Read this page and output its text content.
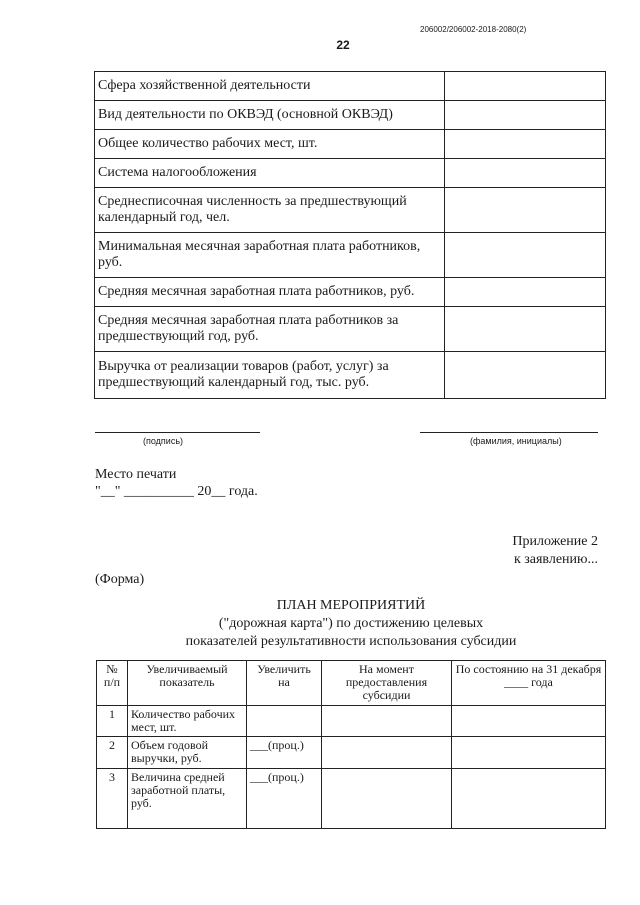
206002/206002-2018-2080(2)
22
Сфера хозяйственной деятельности	
Вид деятельности по ОКВЭД (основной ОКВЭД)	
Общее количество рабочих мест, шт.	
Система налогообложения	
Среднесписочная численность за предшествующий календарный год, чел.	
Минимальная месячная заработная плата работников, руб.	
Средняя месячная заработная плата работников, руб.	
Средняя месячная заработная плата работников за предшествующий год, руб.	
Выручка от реализации товаров (работ, услуг) за предшествующий календарный год, тыс. руб.	
(подпись)	(фамилия, инициалы)
Место печати
"__" __________ 20__ года.
Приложение 2
к заявлению...
(Форма)
ПЛАН МЕРОПРИЯТИЙ
("дорожная карта") по достижению целевых
показателей результативности использования субсидии
№ п/п	Увеличиваемый показатель	Увеличить на	На момент предоставления субсидии	По состоянию на 31 декабря ____ года
1	Количество рабочих мест, шт.			
2	Объем годовой выручки, руб.	___(проц.)		
3	Величина средней заработной платы, руб.	___(проц.)		
